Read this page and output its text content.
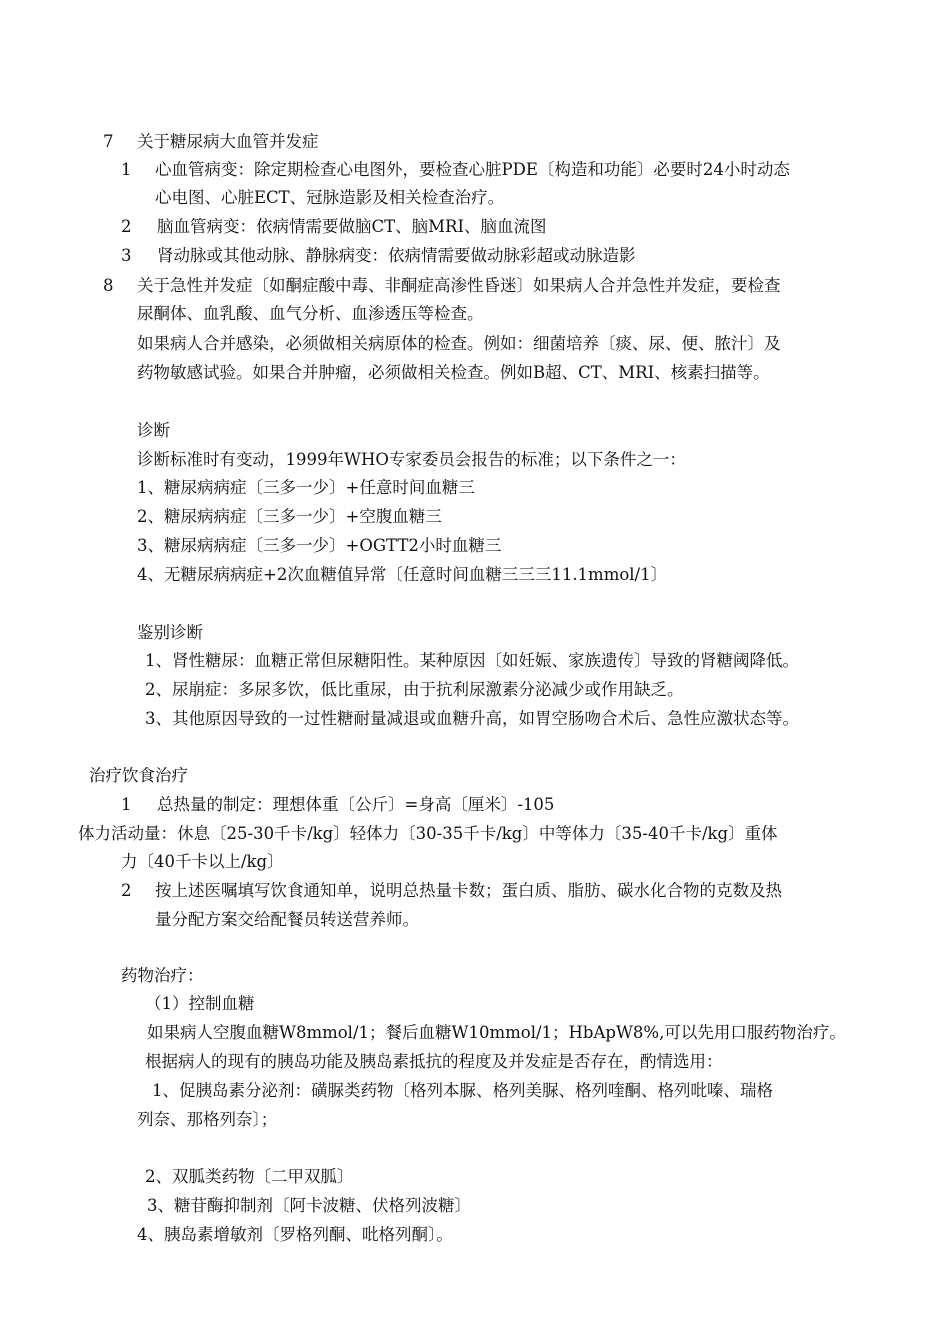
7 关于糖尿病大血管并发症

1 心血管病变：除定期检查心电图外，要检查心脏PDE〔构造和功能〕必要时24小时动态

心电图、心脏ECT、冠脉造影及相关检查治疗。

2 脑血管病变：依病情需要做脑CT、脑MRI、脑血流图

3 肾动脉或其他动脉、静脉病变：依病情需要做动脉彩超或动脉造影

8 关于急性并发症〔如酮症酸中毒、非酮症高渗性昏迷〕如果病人合并急性并发症，要检查

尿酮体、血乳酸、血气分析、血渗透压等检查。

如果病人合并感染，必须做相关病原体的检查。例如：细菌培养〔痰、尿、便、脓汁〕及

药物敏感试验。如果合并肿瘤，必须做相关检查。例如B超、CT、MRI、核素扫描等。

诊断

诊断标准时有变动，1999年WHO专家委员会报告的标准；以下条件之一：

1、糖尿病病症〔三多一少〕+任意时间血糖三

2、糖尿病病症〔三多一少〕+空腹血糖三

3、糖尿病病症〔三多一少〕+OGTT2小时血糖三

4、无糖尿病病症+2次血糖值异常〔任意时间血糖三三三11.1mmol/1〕

鉴别诊断

1、肾性糖尿：血糖正常但尿糖阳性。某种原因〔如妊娠、家族遗传〕导致的肾糖阈降低。

2、尿崩症：多尿多饮，低比重尿，由于抗利尿激素分泌减少或作用缺乏。

3、其他原因导致的一过性糖耐量减退或血糖升高，如胃空肠吻合术后、急性应激状态等。

治疗饮食治疗

1 总热量的制定：理想体重〔公斤〕=身高〔厘米〕-105

体力活动量：休息〔25-30千卡/kg〕轻体力〔30-35千卡/kg〕中等体力〔35-40千卡/kg〕重体

力〔40千卡以上/kg〕

2 按上述医嘱填写饮食通知单，说明总热量卡数；蛋白质、脂肪、碳水化合物的克数及热

量分配方案交给配餐员转送营养师。

药物治疗：

（1）控制血糖

如果病人空腹血糖W8mmol/1；餐后血糖W10mmol/1；HbApW8%,可以先用口服药物治疗。

根据病人的现有的胰岛功能及胰岛素抵抗的程度及并发症是否存在，酌情选用：

1、促胰岛素分泌剂：磺脲类药物〔格列本脲、格列美脲、格列喹酮、格列吡嗪、瑞格

列奈、那格列奈〕；

2、双胍类药物〔二甲双胍〕

3、糖苷酶抑制剂〔阿卡波糖、伏格列波糖〕

4、胰岛素增敏剂〔罗格列酮、吡格列酮〕。
